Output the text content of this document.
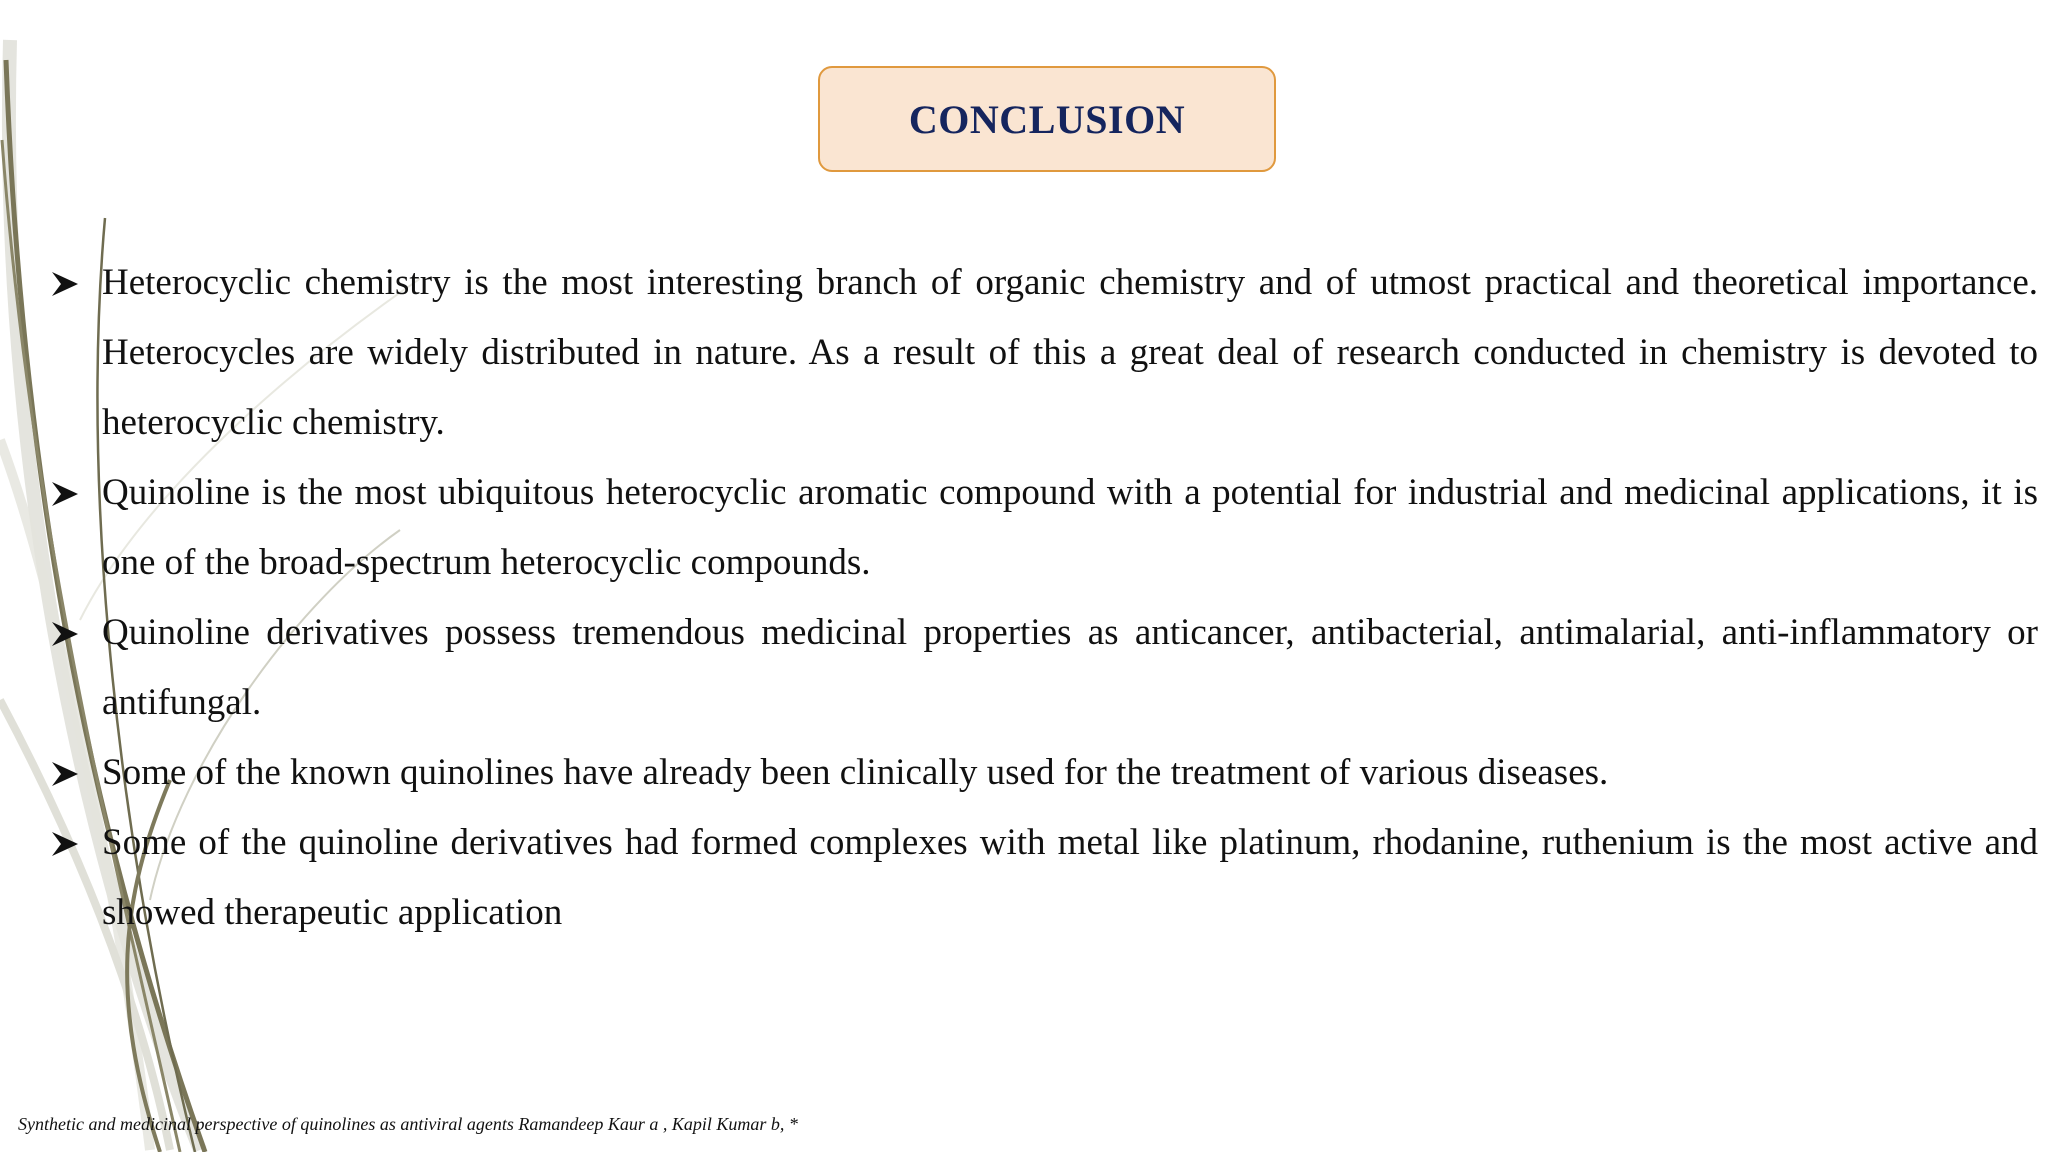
CONCLUSION
Heterocyclic chemistry is the most interesting branch of organic chemistry and of utmost practical and theoretical importance. Heterocycles are widely distributed in nature. As a result of this a great deal of research conducted in chemistry is devoted to heterocyclic chemistry.
Quinoline is the most ubiquitous heterocyclic aromatic compound with a potential for industrial and medicinal applications, it is one of the broad-spectrum heterocyclic compounds.
Quinoline derivatives possess tremendous medicinal properties as anticancer, antibacterial, antimalarial, anti-inflammatory or antifungal.
Some of the known quinolines have already been clinically used for the treatment of various diseases.
Some of the quinoline derivatives had formed complexes with metal like platinum, rhodanine, ruthenium is the most active and showed therapeutic application
Synthetic and medicinal perspective of quinolines as antiviral agents Ramandeep Kaur a , Kapil Kumar b, *
